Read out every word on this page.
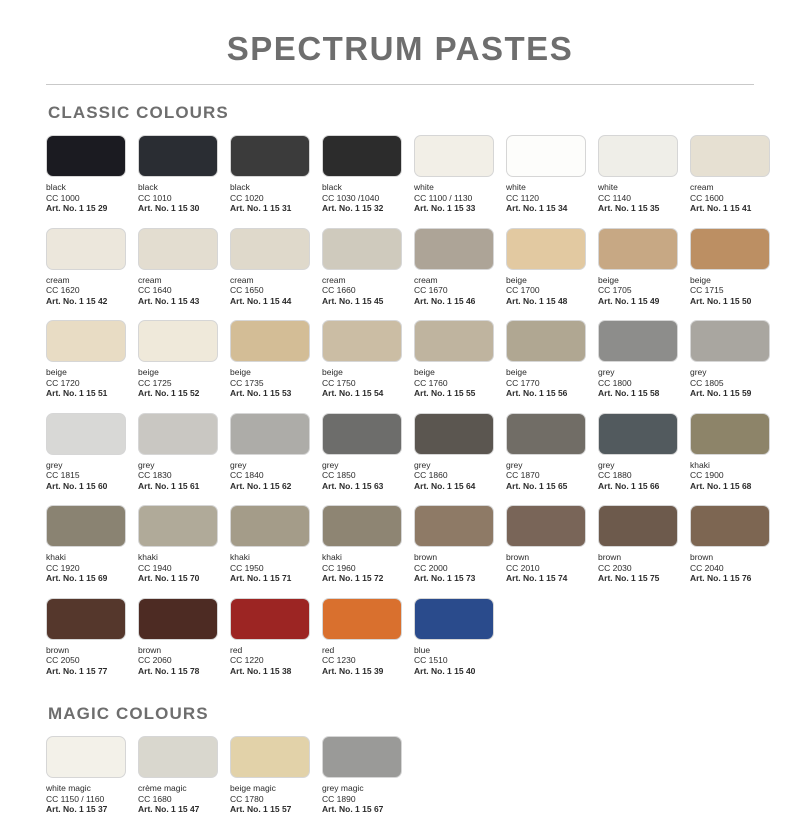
SPECTRUM PASTES
CLASSIC COLOURS
black
CC 1000
Art. No. 1 15 29
black
CC 1010
Art. No. 1 15 30
black
CC 1020
Art. No. 1 15 31
black
CC 1030 /1040
Art. No. 1 15 32
white
CC 1100 / 1130
Art. No. 1 15 33
white
CC 1120
Art. No. 1 15 34
white
CC 1140
Art. No. 1 15 35
cream
CC 1600
Art. No. 1 15 41
cream
CC 1620
Art. No. 1 15 42
cream
CC 1640
Art. No. 1 15 43
cream
CC 1650
Art. No. 1 15 44
cream
CC 1660
Art. No. 1 15 45
cream
CC 1670
Art. No. 1 15 46
beige
CC 1700
Art. No. 1 15 48
beige
CC 1705
Art. No. 1 15 49
beige
CC 1715
Art. No. 1 15 50
beige
CC 1720
Art. No. 1 15 51
beige
CC 1725
Art. No. 1 15 52
beige
CC 1735
Art. No. 1 15 53
beige
CC 1750
Art. No. 1 15 54
beige
CC 1760
Art. No. 1 15 55
beige
CC 1770
Art. No. 1 15 56
grey
CC 1800
Art. No. 1 15 58
grey
CC 1805
Art. No. 1 15 59
grey
CC 1815
Art. No. 1 15 60
grey
CC 1830
Art. No. 1 15 61
grey
CC 1840
Art. No. 1 15 62
grey
CC 1850
Art. No. 1 15 63
grey
CC 1860
Art. No. 1 15 64
grey
CC 1870
Art. No. 1 15 65
grey
CC 1880
Art. No. 1 15 66
khaki
CC 1900
Art. No. 1 15 68
khaki
CC 1920
Art. No. 1 15 69
khaki
CC 1940
Art. No. 1 15 70
khaki
CC 1950
Art. No. 1 15 71
khaki
CC 1960
Art. No. 1 15 72
brown
CC 2000
Art. No. 1 15 73
brown
CC 2010
Art. No. 1 15 74
brown
CC 2030
Art. No. 1 15 75
brown
CC 2040
Art. No. 1 15 76
brown
CC 2050
Art. No. 1 15 77
brown
CC 2060
Art. No. 1 15 78
red
CC 1220
Art. No. 1 15 38
red
CC 1230
Art. No. 1 15 39
blue
CC 1510
Art. No. 1 15 40
MAGIC COLOURS
white magic
CC 1150 / 1160
Art. No. 1 15 37
crème magic
CC 1680
Art. No. 1 15 47
beige magic
CC 1780
Art. No. 1 15 57
grey magic
CC 1890
Art. No. 1 15 67
